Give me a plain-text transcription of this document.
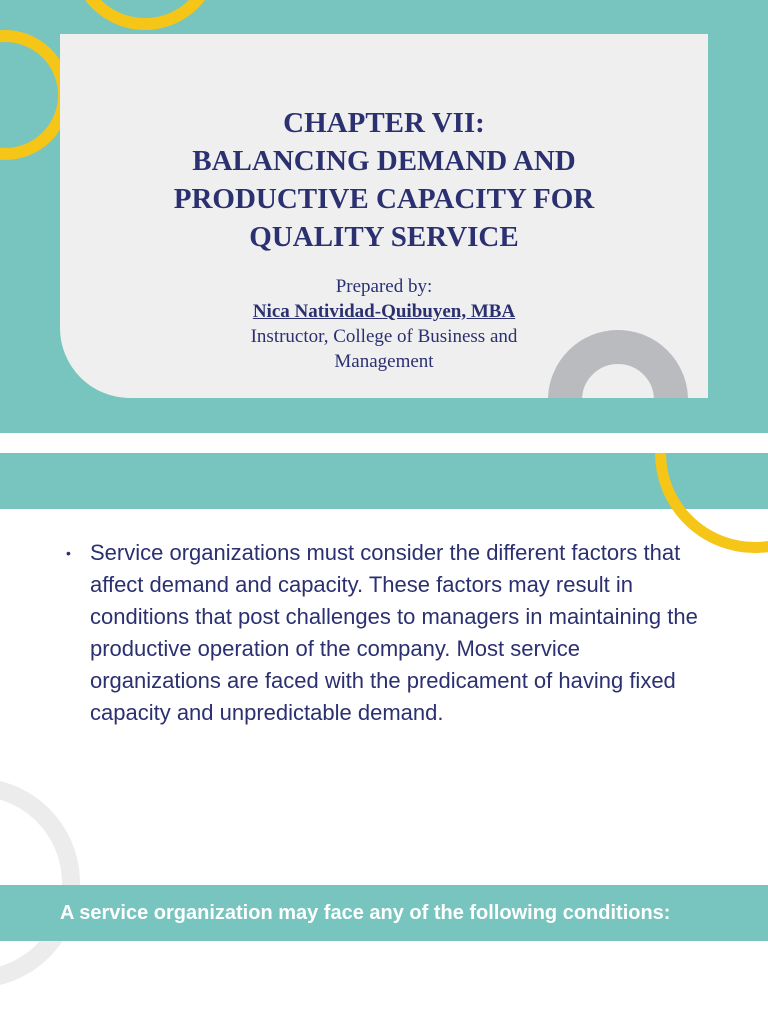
CHAPTER VII:
BALANCING DEMAND AND
PRODUCTIVE CAPACITY FOR
QUALITY SERVICE
Prepared by:
Nica Natividad-Quibuyen, MBA
Instructor, College of Business and
Management
• Service organizations must consider the different factors that affect demand and capacity. These factors may result in conditions that post challenges to managers in maintaining the productive operation of the company. Most service organizations are faced with the predicament of having fixed capacity and unpredictable demand.
A service organization may face any of the following conditions:
